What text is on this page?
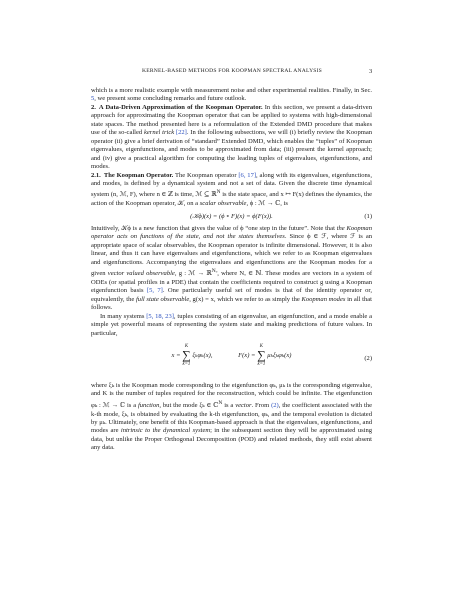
KERNEL-BASED METHODS FOR KOOPMAN SPECTRAL ANALYSIS	3

which is a more realistic example with measurement noise and other experimental realities. Finally, in Sec. 5, we present some concluding remarks and future outlook.

2. A Data-Driven Approximation of the Koopman Operator. In this section, we present a data-driven approach for approximating the Koopman operator that can be applied to systems with high-dimensional state spaces. The method presented here is a reformulation of the Extended DMD procedure that makes use of the so-called kernel trick [22]. In the following subsections, we will (i) briefly review the Koopman operator (ii) give a brief derivation of “standard” Extended DMD, which enables the “tuples” of Koopman eigenvalues, eigenfunctions, and modes to be approximated from data; (iii) present the kernel approach; and (iv) give a practical algorithm for computing the leading tuples of eigenvalues, eigenfunctions, and modes.

2.1. The Koopman Operator. The Koopman operator [6, 17], along with its eigenvalues, eigenfunctions, and modes, is defined by a dynamical system and not a set of data. Given the discrete time dynamical system (n, ℳ, F), where n ∈ ℤ is time, ℳ ⊆ ℝ$^N$ is the state space, and x ↦ F(x) defines the dynamics, the action of the Koopman operator, 𝒦, on a scalar observable, ϕ : ℳ → ℂ, is

(𝒦ϕ)(x) = (ϕ ∘ F)(x) = ϕ(F(x)).	(1)

Intuitively, 𝒦ϕ is a new function that gives the value of ϕ “one step in the future”. Note that the Koopman operator acts on functions of the state, and not the states themselves. Since ϕ ∈ ℱ, where ℱ is an appropriate space of scalar observables, the Koopman operator is infinite dimensional. However, it is also linear, and thus it can have eigenvalues and eigenfunctions, which we refer to as Koopman eigenvalues and eigenfunctions. Accompanying the eigenvalues and eigenfunctions are the Koopman modes for a given vector valued observable, g : ℳ → ℝ$^{N_o}$, where Nₒ ∈ ℕ. These modes are vectors in a system of ODEs (or spatial profiles in a PDE) that contain the coefficients required to construct g using a Koopman eigenfunction basis [5, 7]. One particularly useful set of modes is that of the identity operator or, equivalently, the full state observable, g(x) = x, which we refer to as simply the Koopman modes in all that follows.

In many systems [5, 18, 23], tuples consisting of an eigenvalue, an eigenfunction, and a mode enable a simple yet powerful means of representing the system state and making predictions of future values. In particular,

x = K
∑
k=1 ξₖφₖ(x),	F(x) = K
∑
k=1 μₖξₖφₖ(x)	(2)

where ξₖ is the Koopman mode corresponding to the eigenfunction φₖ, μₖ is the corresponding eigenvalue, and K is the number of tuples required for the reconstruction, which could be infinite. The eigenfunction φₖ : ℳ → ℂ is a function, but the mode ξₖ ∈ ℂ$^N$ is a vector. From (2), the coefficient associated with the k-th mode, ξₖ, is obtained by evaluating the k-th eigenfunction, φₖ, and the temporal evolution is dictated by μₖ. Ultimately, one benefit of this Koopman-based approach is that the eigenvalues, eigenfunctions, and modes are intrinsic to the dynamical system; in the subsequent section they will be approximated using data, but unlike the Proper Orthogonal Decomposition (POD) and related methods, they still exist absent any data.
